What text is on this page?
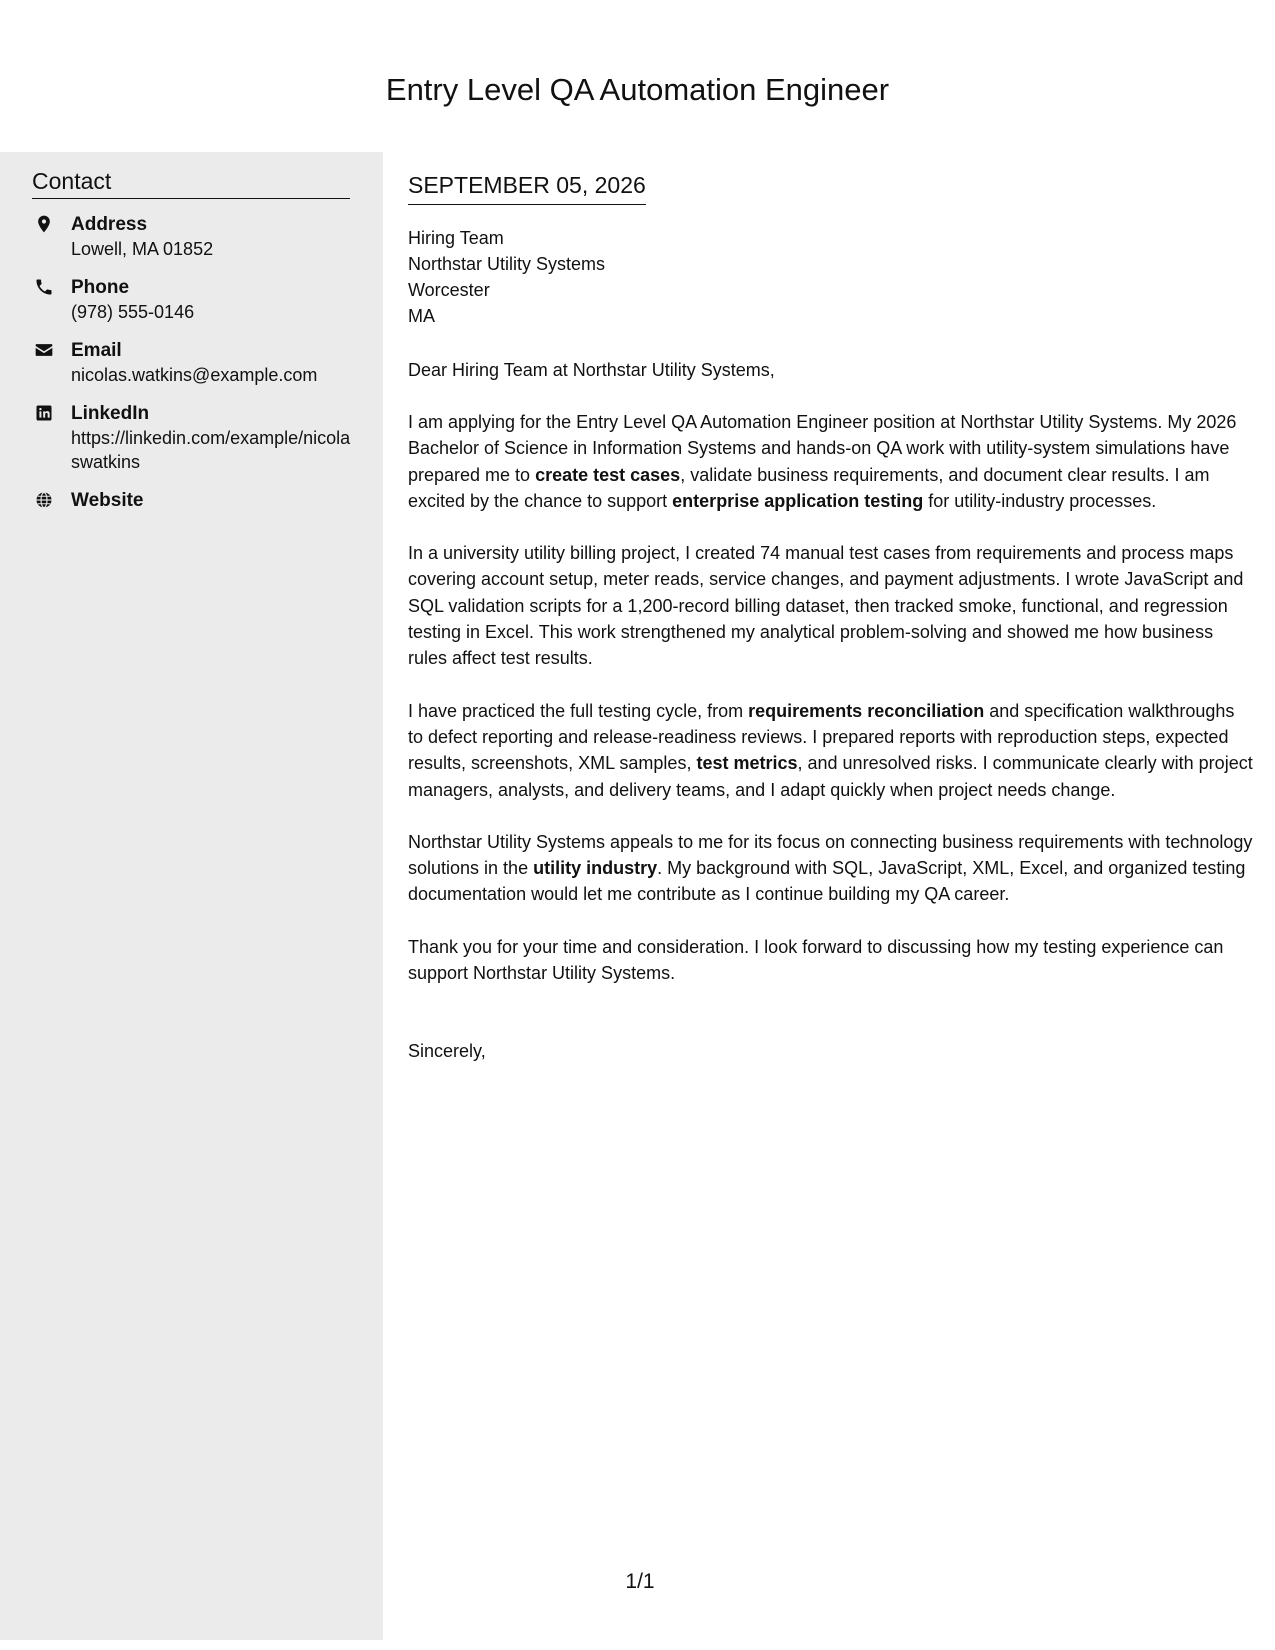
Entry Level QA Automation Engineer
Contact
Address
Lowell, MA 01852
Phone
(978) 555-0146
Email
nicolas.watkins@example.com
LinkedIn
https://linkedin.com/example/nicolaswatkins
Website
SEPTEMBER 05, 2026
Hiring Team
Northstar Utility Systems
Worcester
MA
Dear Hiring Team at Northstar Utility Systems,
I am applying for the Entry Level QA Automation Engineer position at Northstar Utility Systems. My 2026 Bachelor of Science in Information Systems and hands-on QA work with utility-system simulations have prepared me to create test cases, validate business requirements, and document clear results. I am excited by the chance to support enterprise application testing for utility-industry processes.
In a university utility billing project, I created 74 manual test cases from requirements and process maps covering account setup, meter reads, service changes, and payment adjustments. I wrote JavaScript and SQL validation scripts for a 1,200-record billing dataset, then tracked smoke, functional, and regression testing in Excel. This work strengthened my analytical problem-solving and showed me how business rules affect test results.
I have practiced the full testing cycle, from requirements reconciliation and specification walkthroughs to defect reporting and release-readiness reviews. I prepared reports with reproduction steps, expected results, screenshots, XML samples, test metrics, and unresolved risks. I communicate clearly with project managers, analysts, and delivery teams, and I adapt quickly when project needs change.
Northstar Utility Systems appeals to me for its focus on connecting business requirements with technology solutions in the utility industry. My background with SQL, JavaScript, XML, Excel, and organized testing documentation would let me contribute as I continue building my QA career.
Thank you for your time and consideration. I look forward to discussing how my testing experience can support Northstar Utility Systems.
Sincerely,
1/1
